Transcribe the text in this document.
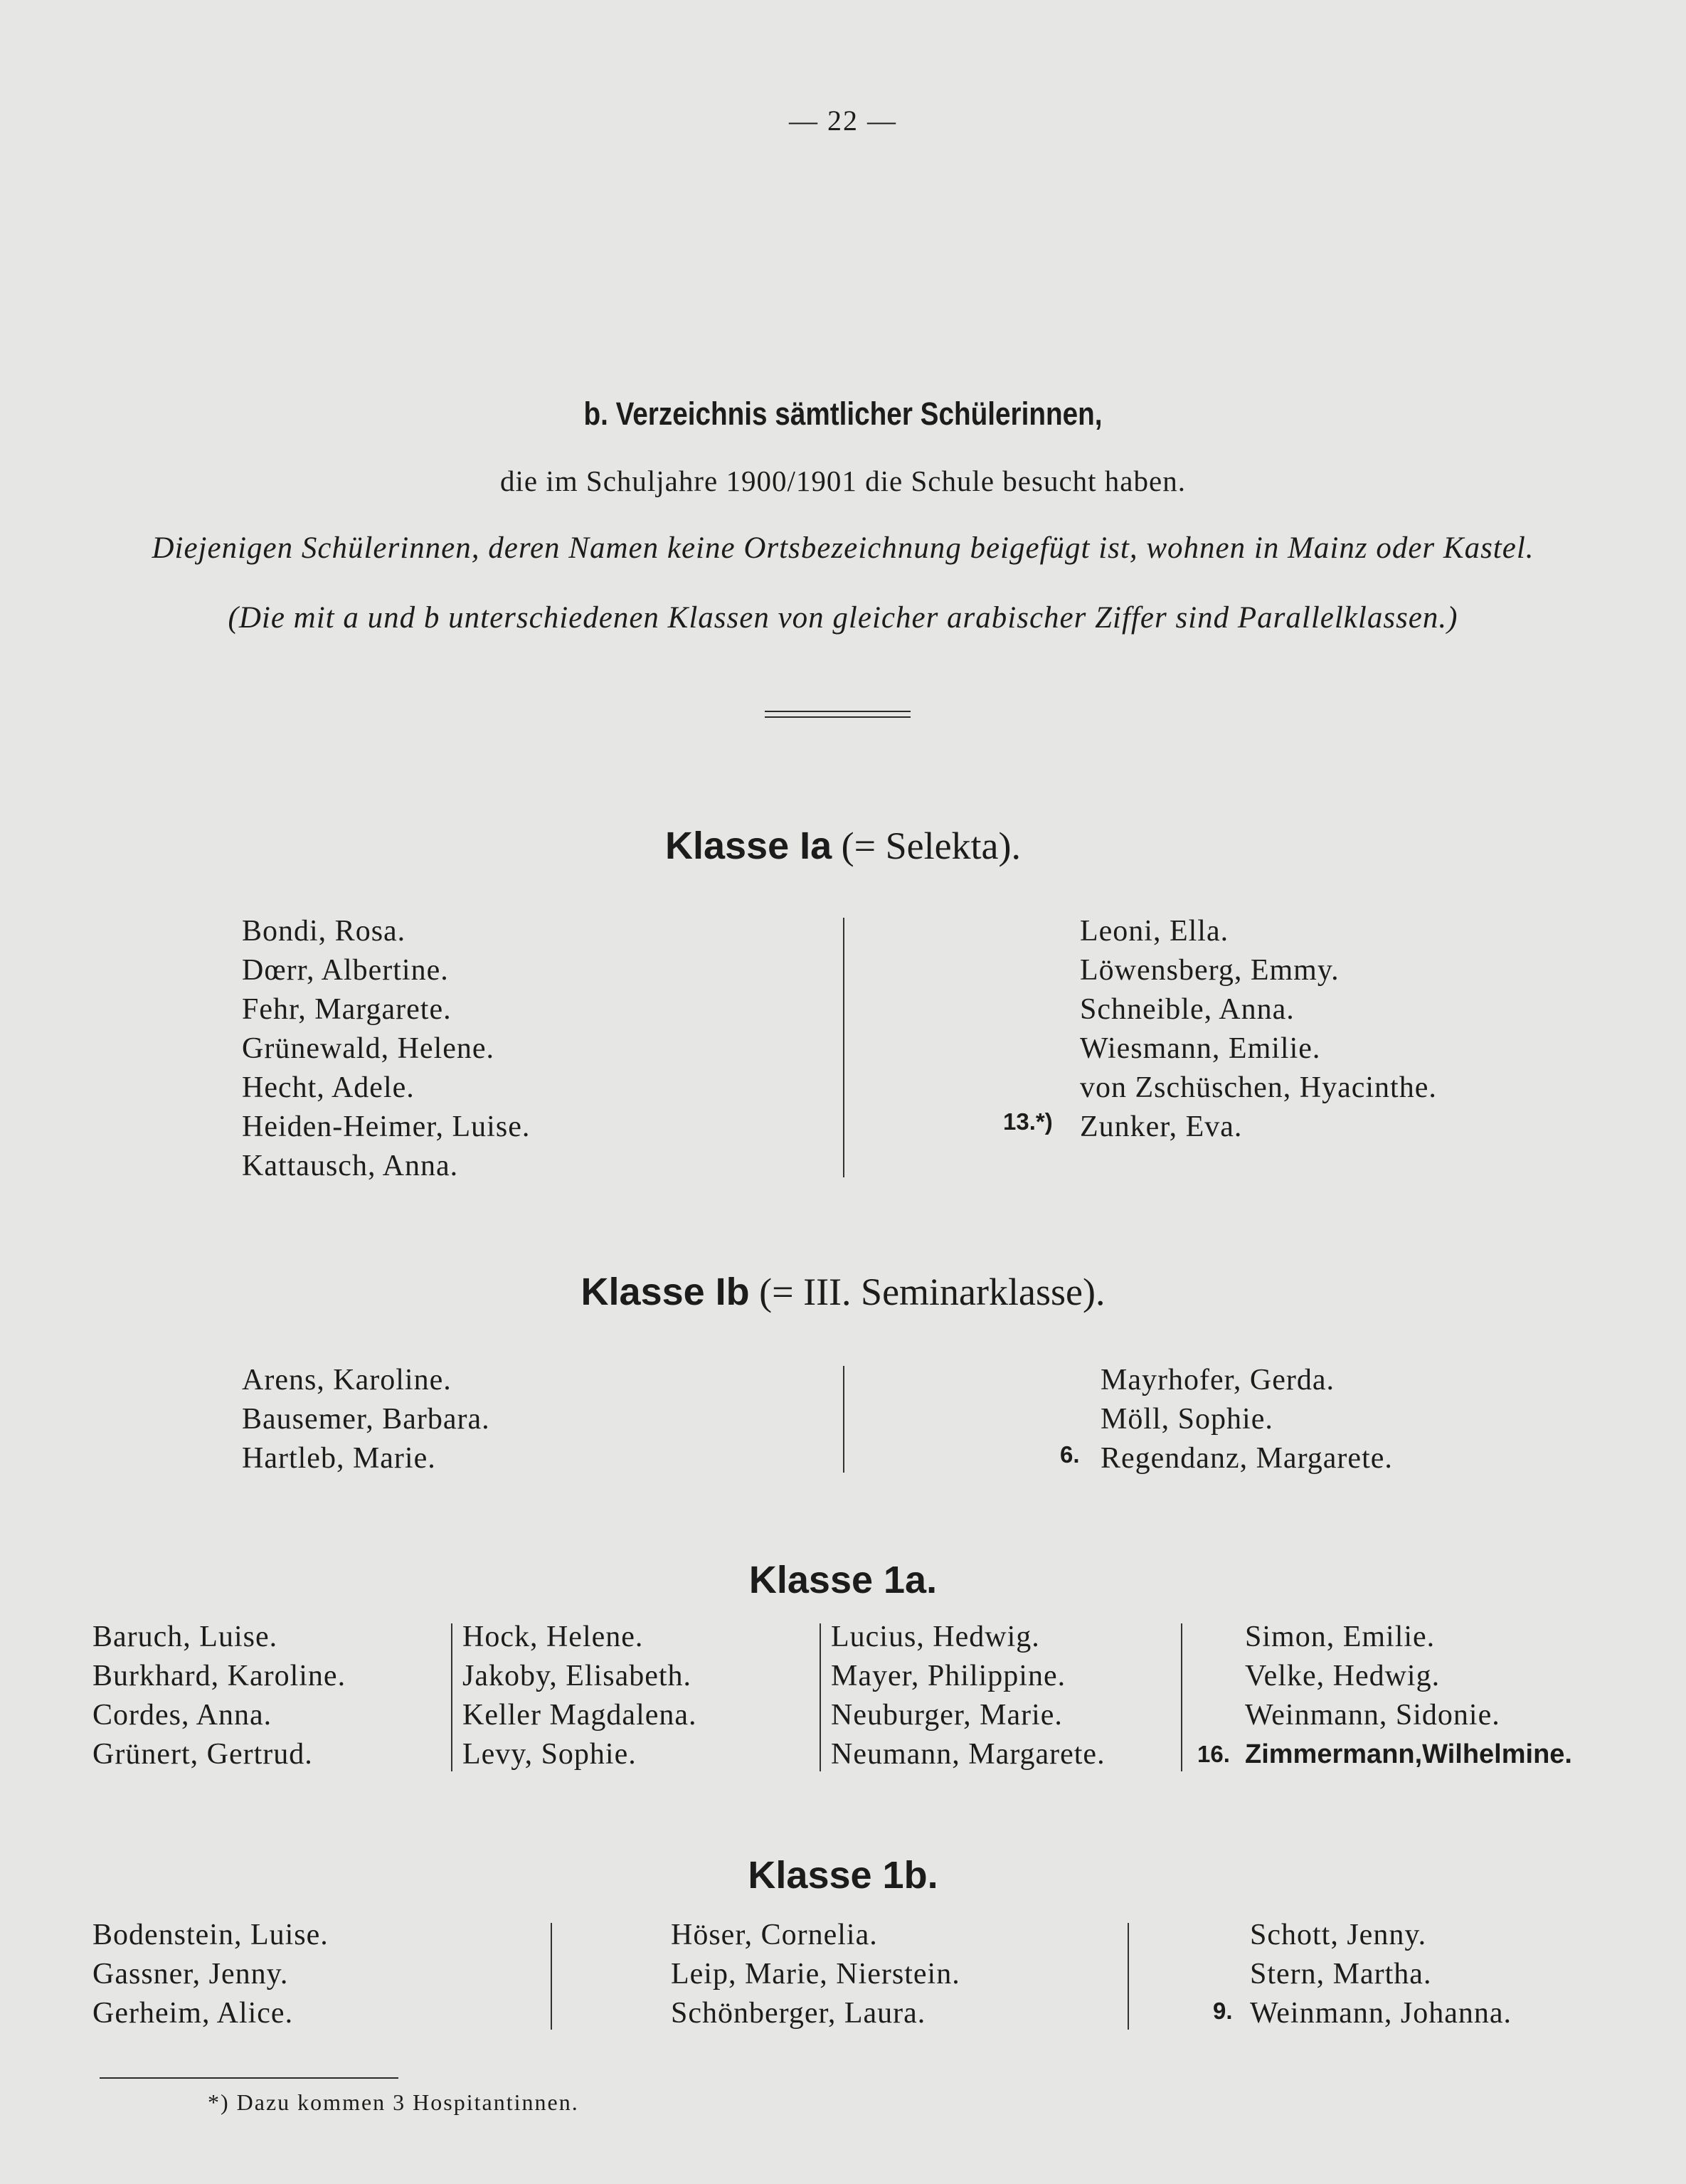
— 22 —
b. Verzeichnis sämtlicher Schülerinnen,
die im Schuljahre 1900/1901 die Schule besucht haben.
Diejenigen Schülerinnen, deren Namen keine Ortsbezeichnung beigefügt ist, wohnen in Mainz oder Kastel.
(Die mit a und b unterschiedenen Klassen von gleicher arabischer Ziffer sind Parallelklassen.)
Klasse Ia (= Selekta).
Bondi, Rosa.
Dœrr, Albertine.
Fehr, Margarete.
Grünewald, Helene.
Hecht, Adele.
Heiden-Heimer, Luise.
Kattausch, Anna.
Leoni, Ella.
Löwensberg, Emmy.
Schneible, Anna.
Wiesmann, Emilie.
von Zschüschen, Hyacinthe.
Zunker, Eva.
13.*)
Klasse Ib (= III. Seminarklasse).
Arens, Karoline.
Bausemer, Barbara.
Hartleb, Marie.
Mayrhofer, Gerda.
Möll, Sophie.
Regendanz, Margarete.
6.
Klasse 1a.
Baruch, Luise.
Burkhard, Karoline.
Cordes, Anna.
Grünert, Gertrud.
Hock, Helene.
Jakoby, Elisabeth.
Keller Magdalena.
Levy, Sophie.
Lucius, Hedwig.
Mayer, Philippine.
Neuburger, Marie.
Neumann, Margarete.
Simon, Emilie.
Velke, Hedwig.
Weinmann, Sidonie.
Zimmermann,Wilhelmine.
16.
Klasse 1b.
Bodenstein, Luise.
Gassner, Jenny.
Gerheim, Alice.
Höser, Cornelia.
Leip, Marie, Nierstein.
Schönberger, Laura.
Schott, Jenny.
Stern, Martha.
Weinmann, Johanna.
9.
*) Dazu kommen 3 Hospitantinnen.
